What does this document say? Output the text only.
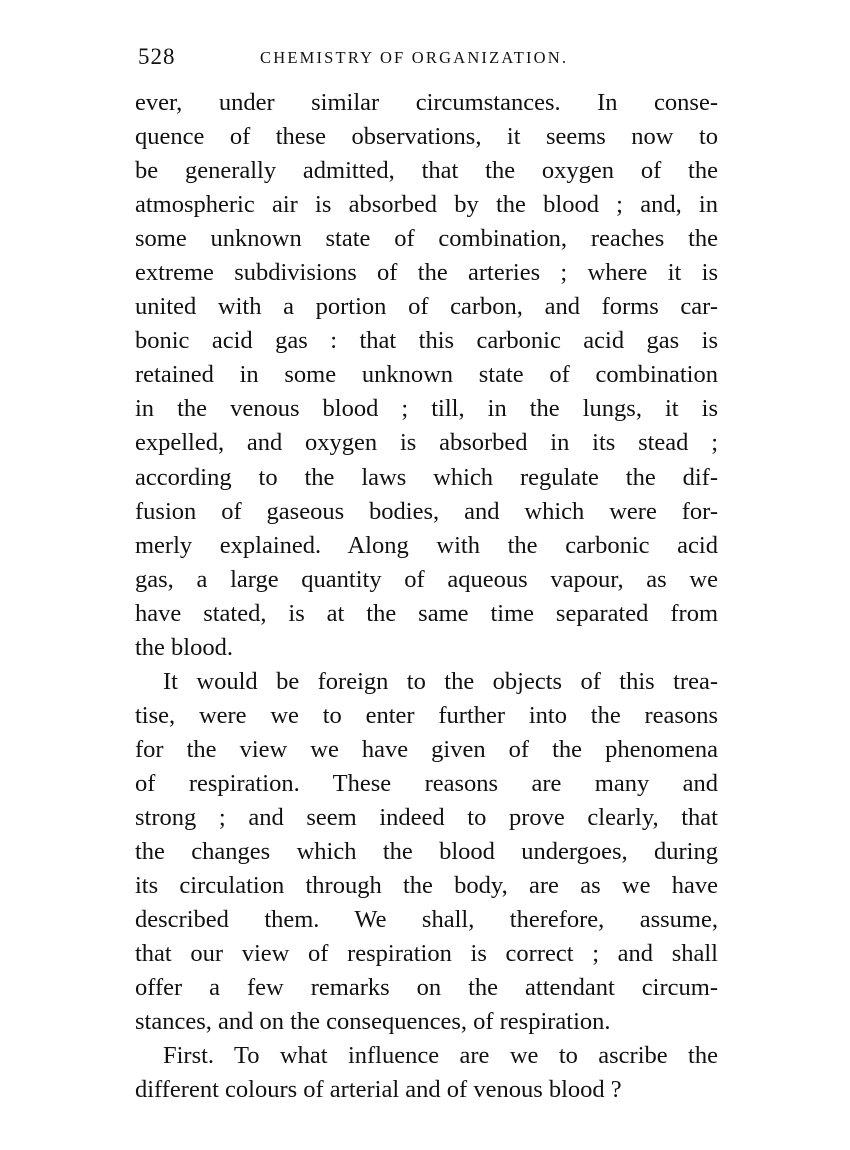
528	CHEMISTRY OF ORGANIZATION.
ever, under similar circumstances. In conse-
quence of these observations, it seems now to
be generally admitted, that the oxygen of the
atmospheric air is absorbed by the blood ; and, in
some unknown state of combination, reaches the
extreme subdivisions of the arteries ; where it is
united with a portion of carbon, and forms car-
bonic acid gas : that this carbonic acid gas is
retained in some unknown state of combination
in the venous blood ; till, in the lungs, it is
expelled, and oxygen is absorbed in its stead ;
according to the laws which regulate the dif-
fusion of gaseous bodies, and which were for-
merly explained. Along with the carbonic acid
gas, a large quantity of aqueous vapour, as we
have stated, is at the same time separated from
the blood.
It would be foreign to the objects of this trea-
tise, were we to enter further into the reasons
for the view we have given of the phenomena
of respiration. These reasons are many and
strong ; and seem indeed to prove clearly, that
the changes which the blood undergoes, during
its circulation through the body, are as we have
described them. We shall, therefore, assume,
that our view of respiration is correct ; and shall
offer a few remarks on the attendant circum-
stances, and on the consequences, of respiration.
First. To what influence are we to ascribe the
different colours of arterial and of venous blood ?
